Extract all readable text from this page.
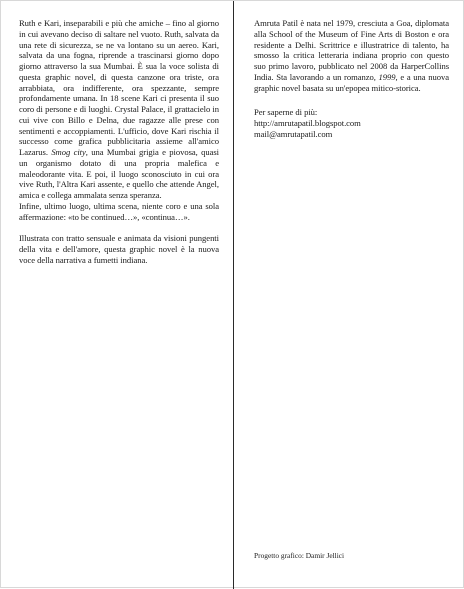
Ruth e Kari, inseparabili e più che amiche – fino al giorno in cui avevano deciso di saltare nel vuoto. Ruth, salvata da una rete di sicurezza, se ne va lontano su un aereo. Kari, salvata da una fogna, riprende a trascinarsi giorno dopo giorno attraverso la sua Mumbai. È sua la voce solista di questa graphic novel, di questa canzone ora triste, ora arrabbiata, ora indifferente, ora spezzante, sempre profondamente umana. In 18 scene Kari ci presenta il suo coro di persone e di luoghi. Crystal Palace, il grattacielo in cui vive con Billo e Delna, due ragazze alle prese con sentimenti e accoppiamenti. L'ufficio, dove Kari rischia il successo come grafica pubblicitaria assieme all'amico Lazarus. Smog city, una Mumbai grigia e piovosa, quasi un organismo dotato di una propria malefica e maleodorante vita. E poi, il luogo sconosciuto in cui ora vive Ruth, l'Altra Kari assente, e quello che attende Angel, amica e collega ammalata senza speranza.

Infine, ultimo luogo, ultima scena, niente coro e una sola affermazione: «to be continued…», «continua…».

Illustrata con tratto sensuale e animata da visioni pungenti della vita e dell'amore, questa graphic novel è la nuova voce della narrativa a fumetti indiana.

Amruta Patil è nata nel 1979, cresciuta a Goa, diplomata alla School of the Museum of Fine Arts di Boston e ora residente a Delhi. Scrittrice e illustratrice di talento, ha smosso la critica letteraria indiana proprio con questo suo primo lavoro, pubblicato nel 2008 da HarperCollins India. Sta lavorando a un romanzo, 1999, e a una nuova graphic novel basata su un'epopea mitico-storica.

Per saperne di più:
http://amrutapatil.blogspot.com
mail@amrutapatil.com
Progetto grafico: Damir Jellici
